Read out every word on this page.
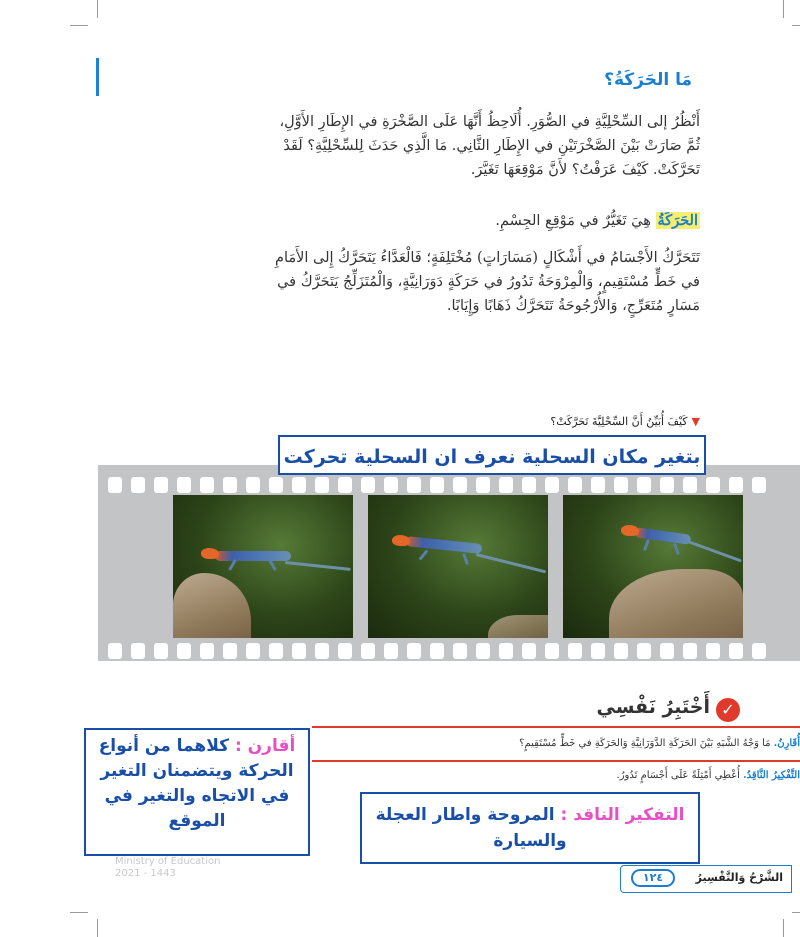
مَا الحَرَكَةُ؟
أَنْظُرُ إلى السِّحْلِيَّةِ في الصُّوَرِ. أُلَاحِظُ أَنَّهَا عَلَى الصَّخْرَةِ في الإِطَارِ الأَوَّلِ،
ثُمَّ صَارَتْ بَيْنَ الصَّخْرَتَيْنِ في الإِطَارِ الثَّانِي. مَا الَّذِي حَدَثَ لِلسِّحْلِيَّةِ؟ لَقَدْ
تَحَرَّكَتْ. كَيْفَ عَرَفْتُ؟ لأَنَّ مَوْقِعَهَا تَغَيَّرَ.
الحَرَكَةُ هِيَ تَغَيُّرٌ في مَوْقِعِ الجِسْمِ.
تَتَحَرَّكُ الأَجْسَامُ في أَشْكَالٍ (مَسَارَاتٍ) مُخْتَلِفَةٍ؛ فَالْعَدَّاءُ يَتَحَرَّكُ إِلى الأَمَامِ
في خَطٍّ مُسْتَقِيمٍ، وَالْمِرْوَحَةُ تَدُورُ في حَرَكَةٍ دَوَرَانِيَّةٍ، وَالْمُتَزَلِّجُ يَتَحَرَّكُ في
مَسَارٍ مُتَعَرِّجٍ، وَالأُرْجُوحَةُ تَتَحَرَّكُ ذَهَابًا وَإِيَابًا.
▼كَيْفَ أُبَيِّنُ أَنَّ السِّحْلِيَّةَ تَحَرَّكَتْ؟
بتغير مكان السحلية نعرف ان السحلية تحركت
✓
أَخْتَبِرُ نَفْسِي
أُقَارِنُ. مَا وَجْهُ الشَّبَهِ بَيْنَ الحَرَكَةِ الدَّوَرَانِيَّةِ وَالحَرَكَةِ في خَطٍّ مُسْتَقِيمٍ؟
التَّفْكِيرُ النَّاقِدُ. أُعْطِي أَمْثِلَةً عَلَى أَجْسَامٍ تَدُورُ.
أقارن : كلاهما من أنواع الحركة ويتضمنان التغير في الاتجاه والتغير في الموقع	التفكير الناقد : المروحة واطار العجلة والسيارة
Ministry of Education
2021 - 1443	١٢٤	الشَّرْحُ وَالتَّفْسِيرُ
